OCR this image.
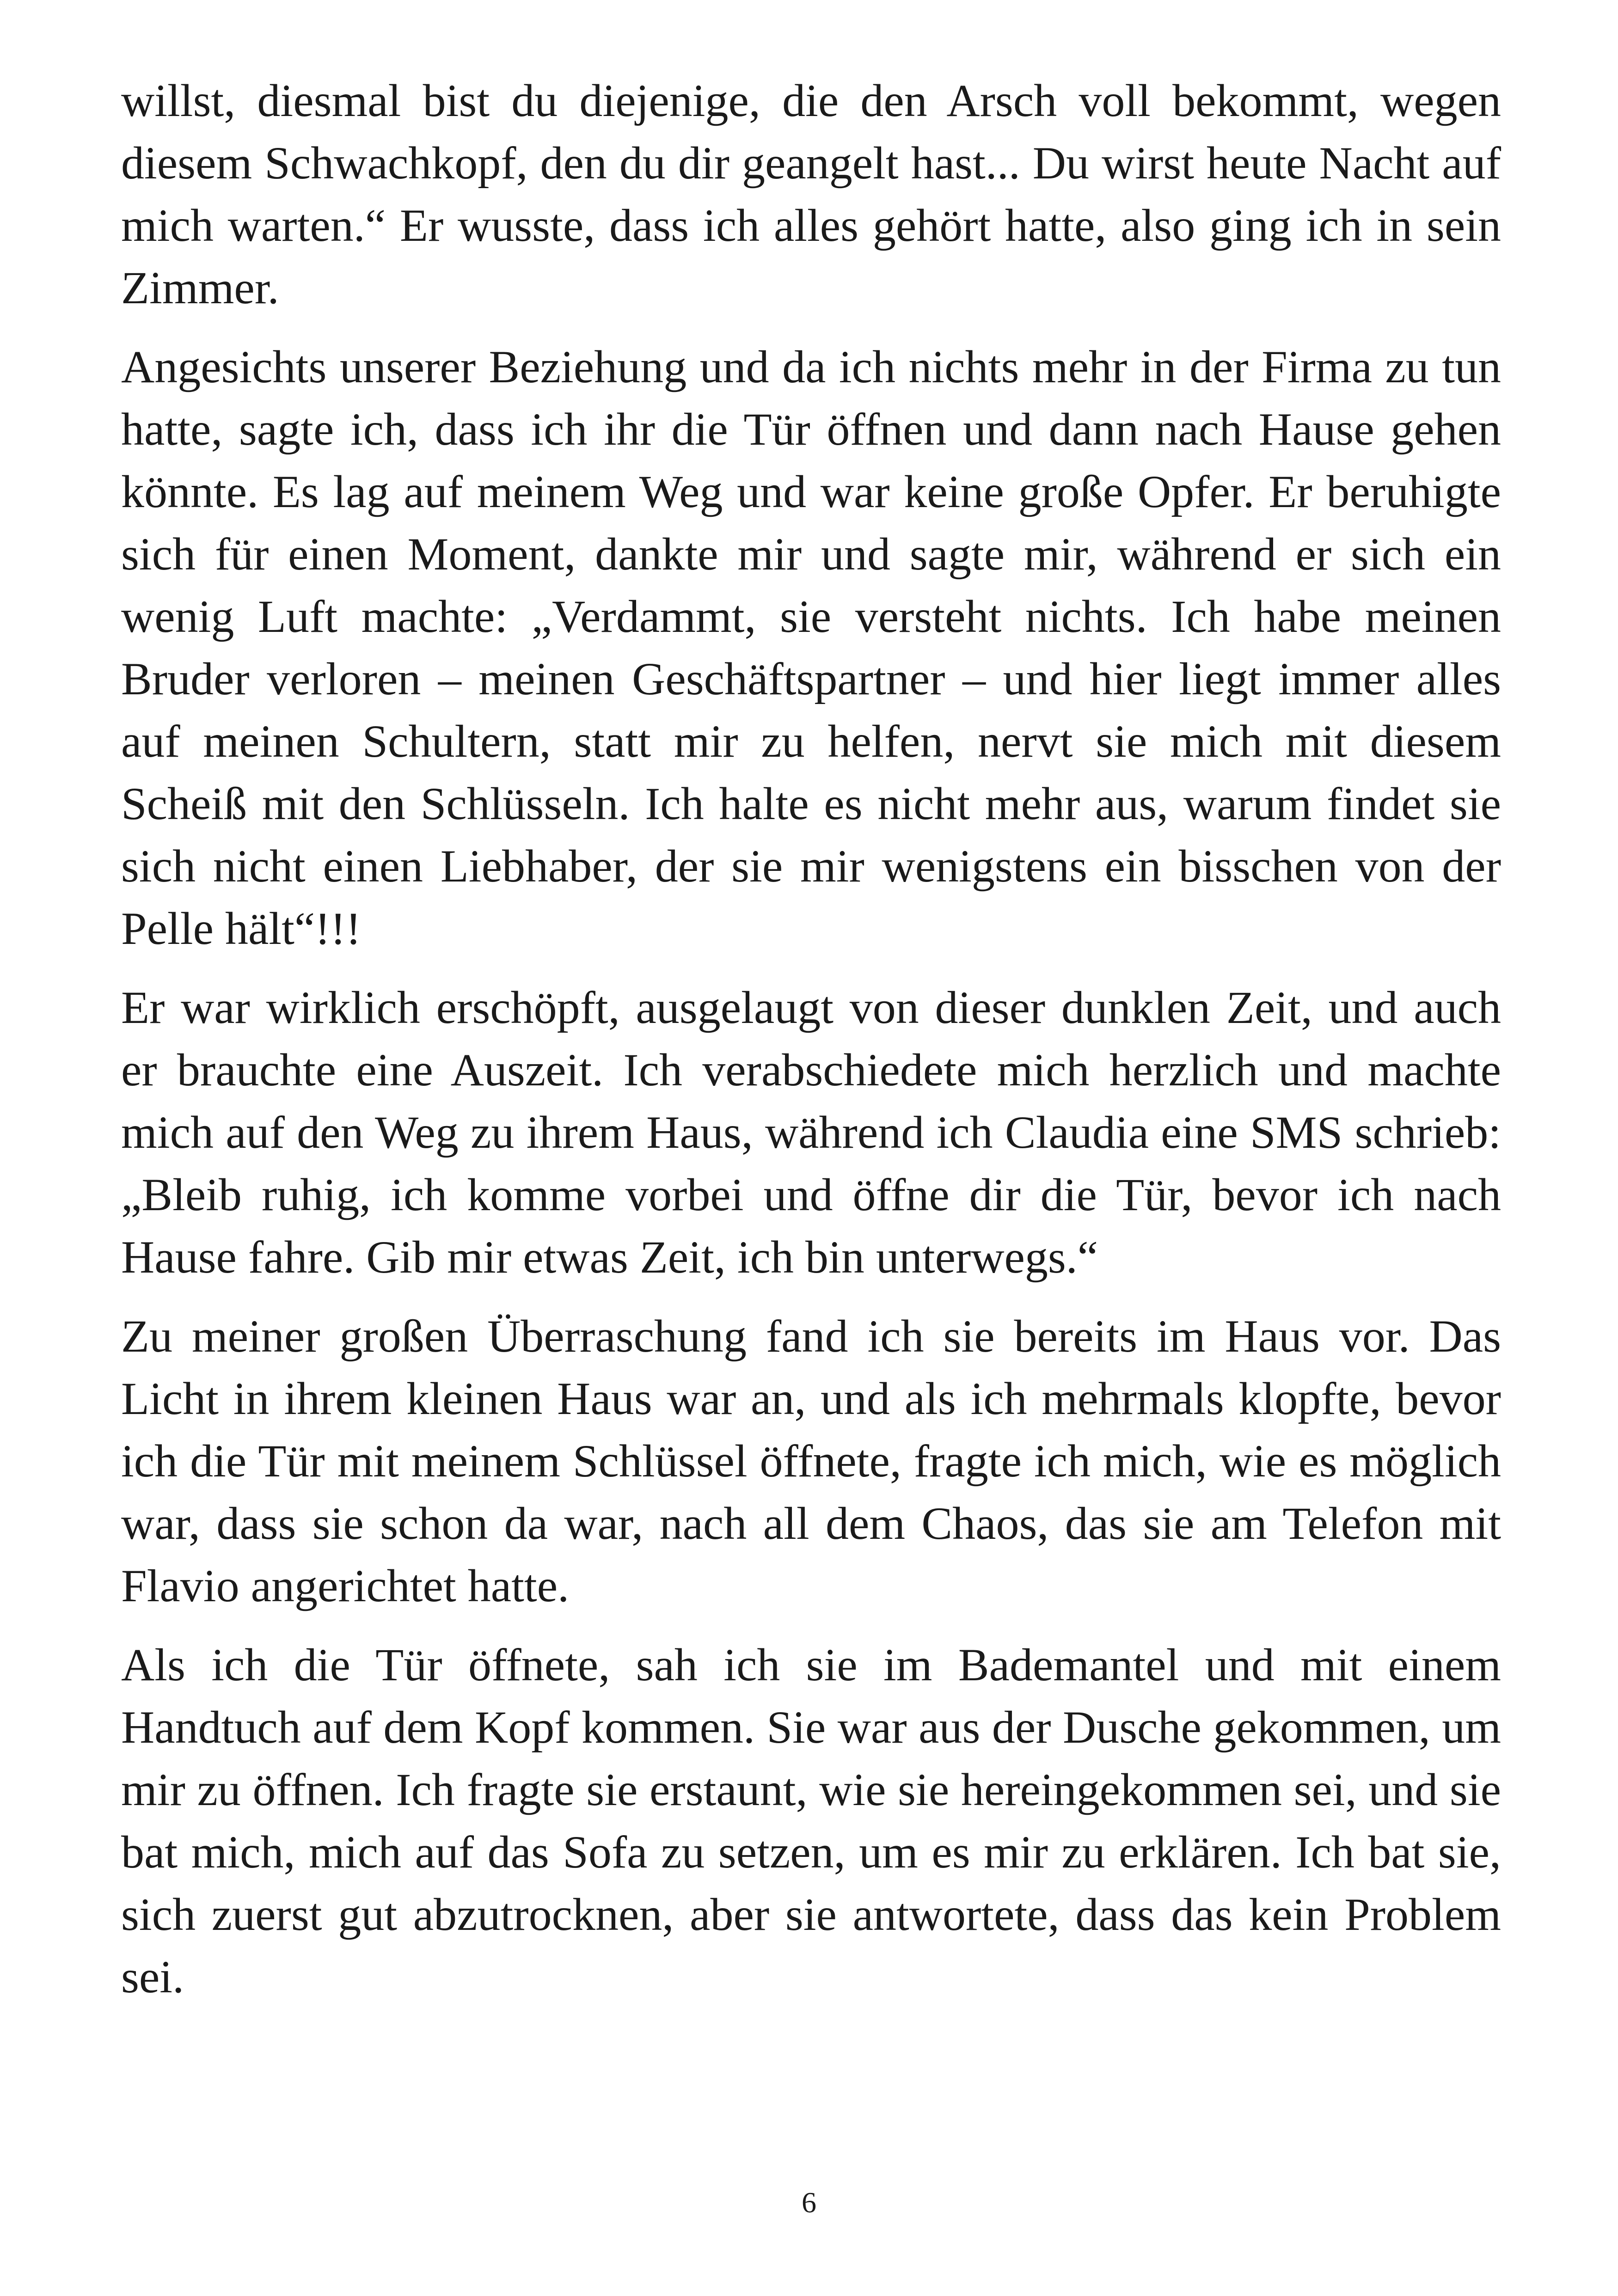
willst, diesmal bist du diejenige, die den Arsch voll bekommt, wegen diesem Schwachkopf, den du dir geangelt hast... Du wirst heute Nacht auf mich warten.“ Er wusste, dass ich alles gehört hatte, also ging ich in sein Zimmer.

Angesichts unserer Beziehung und da ich nichts mehr in der Firma zu tun hatte, sagte ich, dass ich ihr die Tür öffnen und dann nach Hause gehen könnte. Es lag auf meinem Weg und war keine große Opfer. Er beruhigte sich für einen Moment, dankte mir und sagte mir, während er sich ein wenig Luft machte: „Verdammt, sie versteht nichts. Ich habe meinen Bruder verloren – meinen Geschäftspartner – und hier liegt immer alles auf meinen Schultern, statt mir zu helfen, nervt sie mich mit diesem Scheiß mit den Schlüsseln. Ich halte es nicht mehr aus, warum findet sie sich nicht einen Liebhaber, der sie mir wenigstens ein bisschen von der Pelle hält“!!!

Er war wirklich erschöpft, ausgelaugt von dieser dunklen Zeit, und auch er brauchte eine Auszeit. Ich verabschiedete mich herzlich und machte mich auf den Weg zu ihrem Haus, während ich Claudia eine SMS schrieb: „Bleib ruhig, ich komme vorbei und öffne dir die Tür, bevor ich nach Hause fahre. Gib mir etwas Zeit, ich bin unterwegs.“

Zu meiner großen Überraschung fand ich sie bereits im Haus vor. Das Licht in ihrem kleinen Haus war an, und als ich mehrmals klopfte, bevor ich die Tür mit meinem Schlüssel öffnete, fragte ich mich, wie es möglich war, dass sie schon da war, nach all dem Chaos, das sie am Telefon mit Flavio angerichtet hatte.

Als ich die Tür öffnete, sah ich sie im Bademantel und mit einem Handtuch auf dem Kopf kommen. Sie war aus der Dusche gekommen, um mir zu öffnen. Ich fragte sie erstaunt, wie sie hereingekommen sei, und sie bat mich, mich auf das Sofa zu setzen, um es mir zu erklären. Ich bat sie, sich zuerst gut abzutrocknen, aber sie antwortete, dass das kein Problem sei.

6
